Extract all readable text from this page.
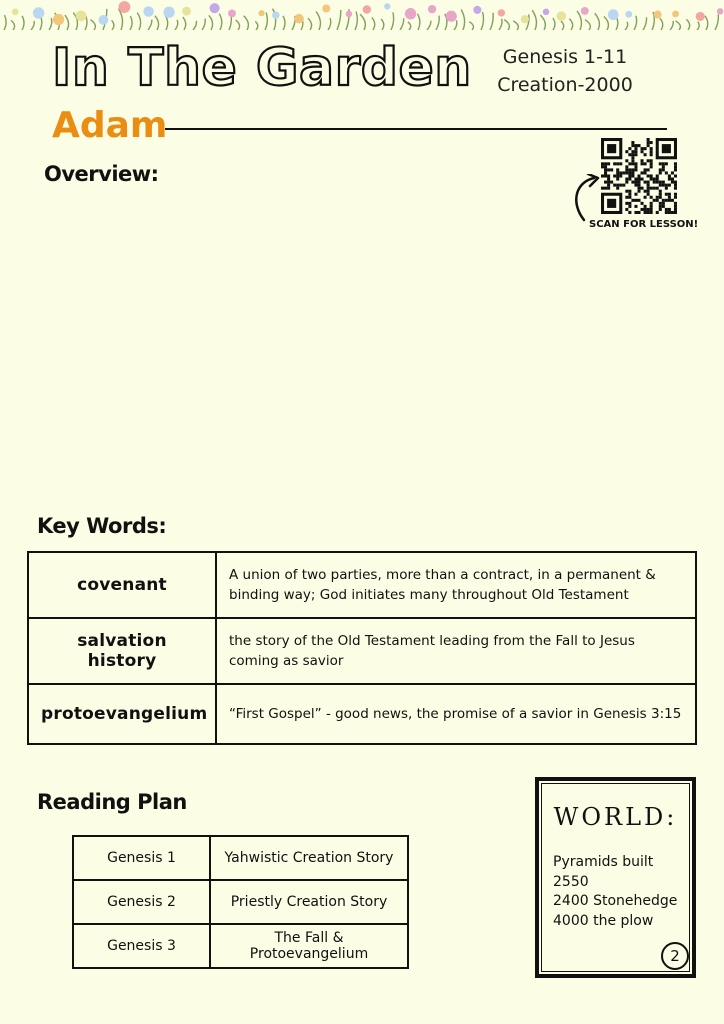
In The Garden	Genesis 1-11
Creation-2000
Adam
Overview:
SCAN FOR LESSON!
Key Words:
covenant	A union of two parties, more than a contract, in a permanent & binding way; God initiates many throughout Old Testament
salvation history	the story of the Old Testament leading from the Fall to Jesus coming as savior
protoevangelium	“First Gospel” - good news, the promise of a savior in Genesis 3:15
Reading Plan
Genesis 1	Yahwistic Creation Story
Genesis 2	Priestly Creation Story
Genesis 3	The Fall & Protoevangelium
WORLD:
Pyramids built
2550
2400 Stonehedge
4000 the plow
2
